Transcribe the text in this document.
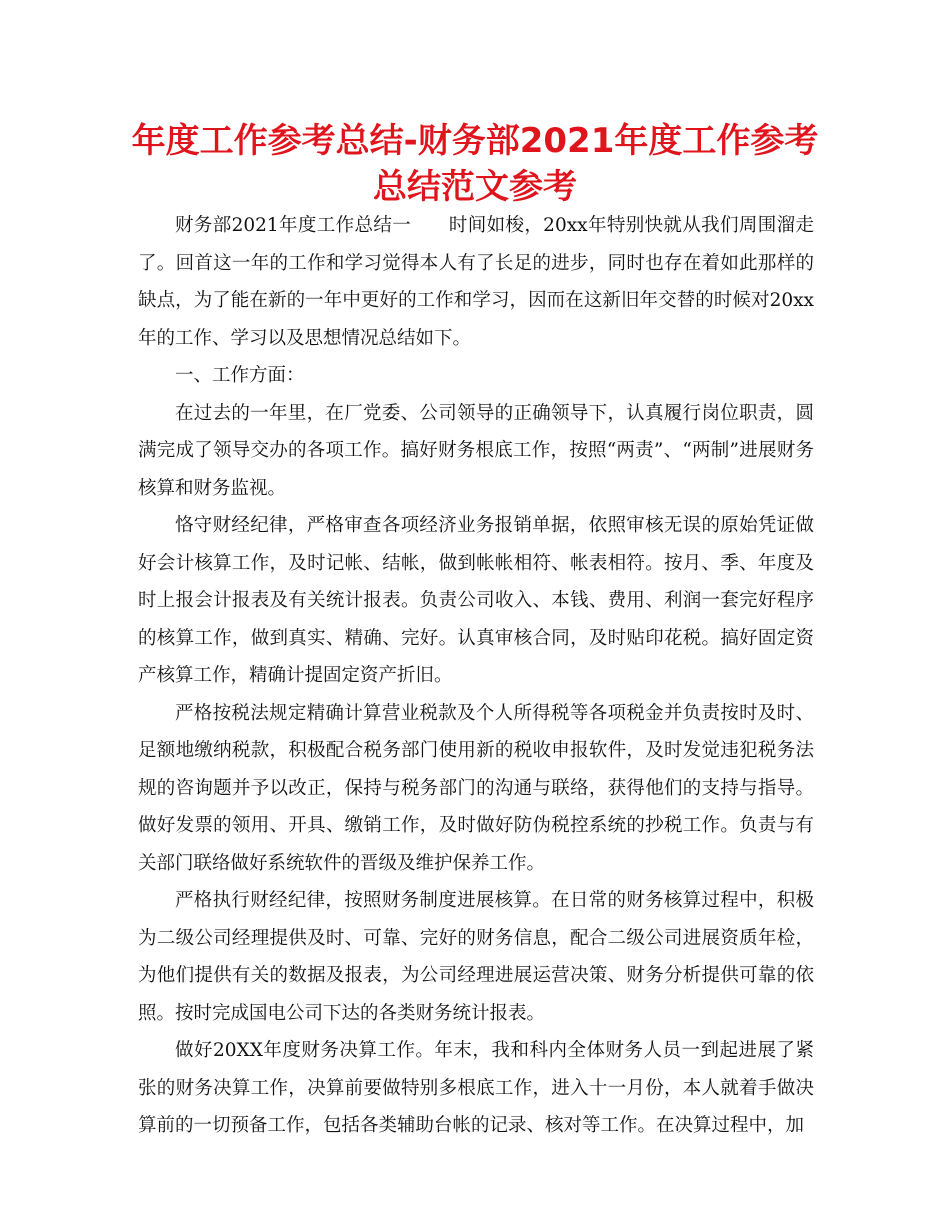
年度工作参考总结-财务部2021年度工作参考总结范文参考

财务部2021年度工作总结一　　时间如梭，20xx年特别快就从我们周围溜走了。回首这一年的工作和学习觉得本人有了长足的进步，同时也存在着如此那样的缺点，为了能在新的一年中更好的工作和学习，因而在这新旧年交替的时候对20xx年的工作、学习以及思想情况总结如下。

一、工作方面：

在过去的一年里，在厂党委、公司领导的正确领导下，认真履行岗位职责，圆满完成了领导交办的各项工作。搞好财务根底工作，按照“两责”、“两制”进展财务核算和财务监视。

恪守财经纪律，严格审查各项经济业务报销单据，依照审核无误的原始凭证做好会计核算工作，及时记帐、结帐，做到帐帐相符、帐表相符。按月、季、年度及时上报会计报表及有关统计报表。负责公司收入、本钱、费用、利润一套完好程序的核算工作，做到真实、精确、完好。认真审核合同，及时贴印花税。搞好固定资产核算工作，精确计提固定资产折旧。

严格按税法规定精确计算营业税款及个人所得税等各项税金并负责按时及时、足额地缴纳税款，积极配合税务部门使用新的税收申报软件，及时发觉违犯税务法规的咨询题并予以改正，保持与税务部门的沟通与联络，获得他们的支持与指导。做好发票的领用、开具、缴销工作，及时做好防伪税控系统的抄税工作。负责与有关部门联络做好系统软件的晋级及维护保养工作。

严格执行财经纪律，按照财务制度进展核算。在日常的财务核算过程中，积极为二级公司经理提供及时、可靠、完好的财务信息，配合二级公司进展资质年检，为他们提供有关的数据及报表，为公司经理进展运营决策、财务分析提供可靠的依照。按时完成国电公司下达的各类财务统计报表。

做好20XX年度财务决算工作。年末，我和科内全体财务人员一到起进展了紧张的财务决算工作，决算前要做特别多根底工作，进入十一月份，本人就着手做决算前的一切预备工作，包括各类辅助台帐的记录、核对等工作。在决算过程中，加
